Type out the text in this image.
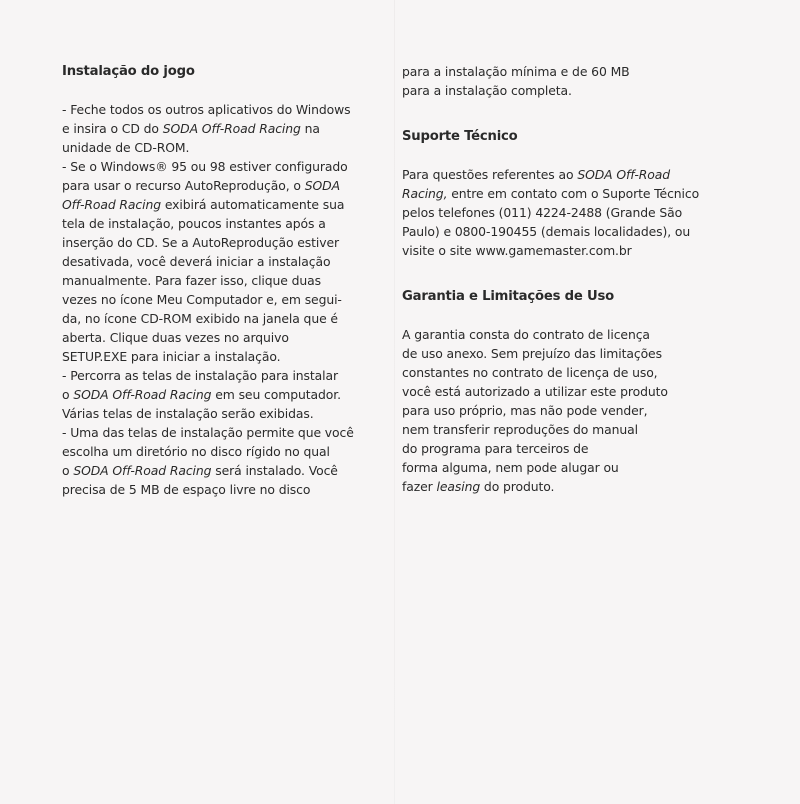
Instalação do jogo
- Feche todos os outros aplicativos do Windows
e insira o CD do SODA Off-Road Racing na
unidade de CD-ROM.
- Se o Windows® 95 ou 98 estiver configurado
para usar o recurso AutoReprodução, o SODA
Off-Road Racing exibirá automaticamente sua
tela de instalação, poucos instantes após a
inserção do CD. Se a AutoReprodução estiver
desativada, você deverá iniciar a instalação
manualmente. Para fazer isso, clique duas
vezes no ícone Meu Computador e, em segui-
da, no ícone CD-ROM exibido na janela que é
aberta. Clique duas vezes no arquivo
SETUP.EXE para iniciar a instalação.
- Percorra as telas de instalação para instalar
o SODA Off-Road Racing em seu computador.
Várias telas de instalação serão exibidas.
- Uma das telas de instalação permite que você
escolha um diretório no disco rígido no qual
o SODA Off-Road Racing será instalado. Você
precisa de 5 MB de espaço livre no disco
para a instalação mínima e de 60 MB
para a instalação completa.
Suporte Técnico
Para questões referentes ao SODA Off-Road
Racing, entre em contato com o Suporte Técnico
pelos telefones (011) 4224-2488 (Grande São
Paulo) e 0800-190455 (demais localidades), ou
visite o site www.gamemaster.com.br
Garantia e Limitações de Uso
A garantia consta do contrato de licença
de uso anexo. Sem prejuízo das limitações
constantes no contrato de licença de uso,
você está autorizado a utilizar este produto
para uso próprio, mas não pode vender,
nem transferir reproduções do manual
do programa para terceiros de
forma alguma, nem pode alugar ou
fazer leasing do produto.
